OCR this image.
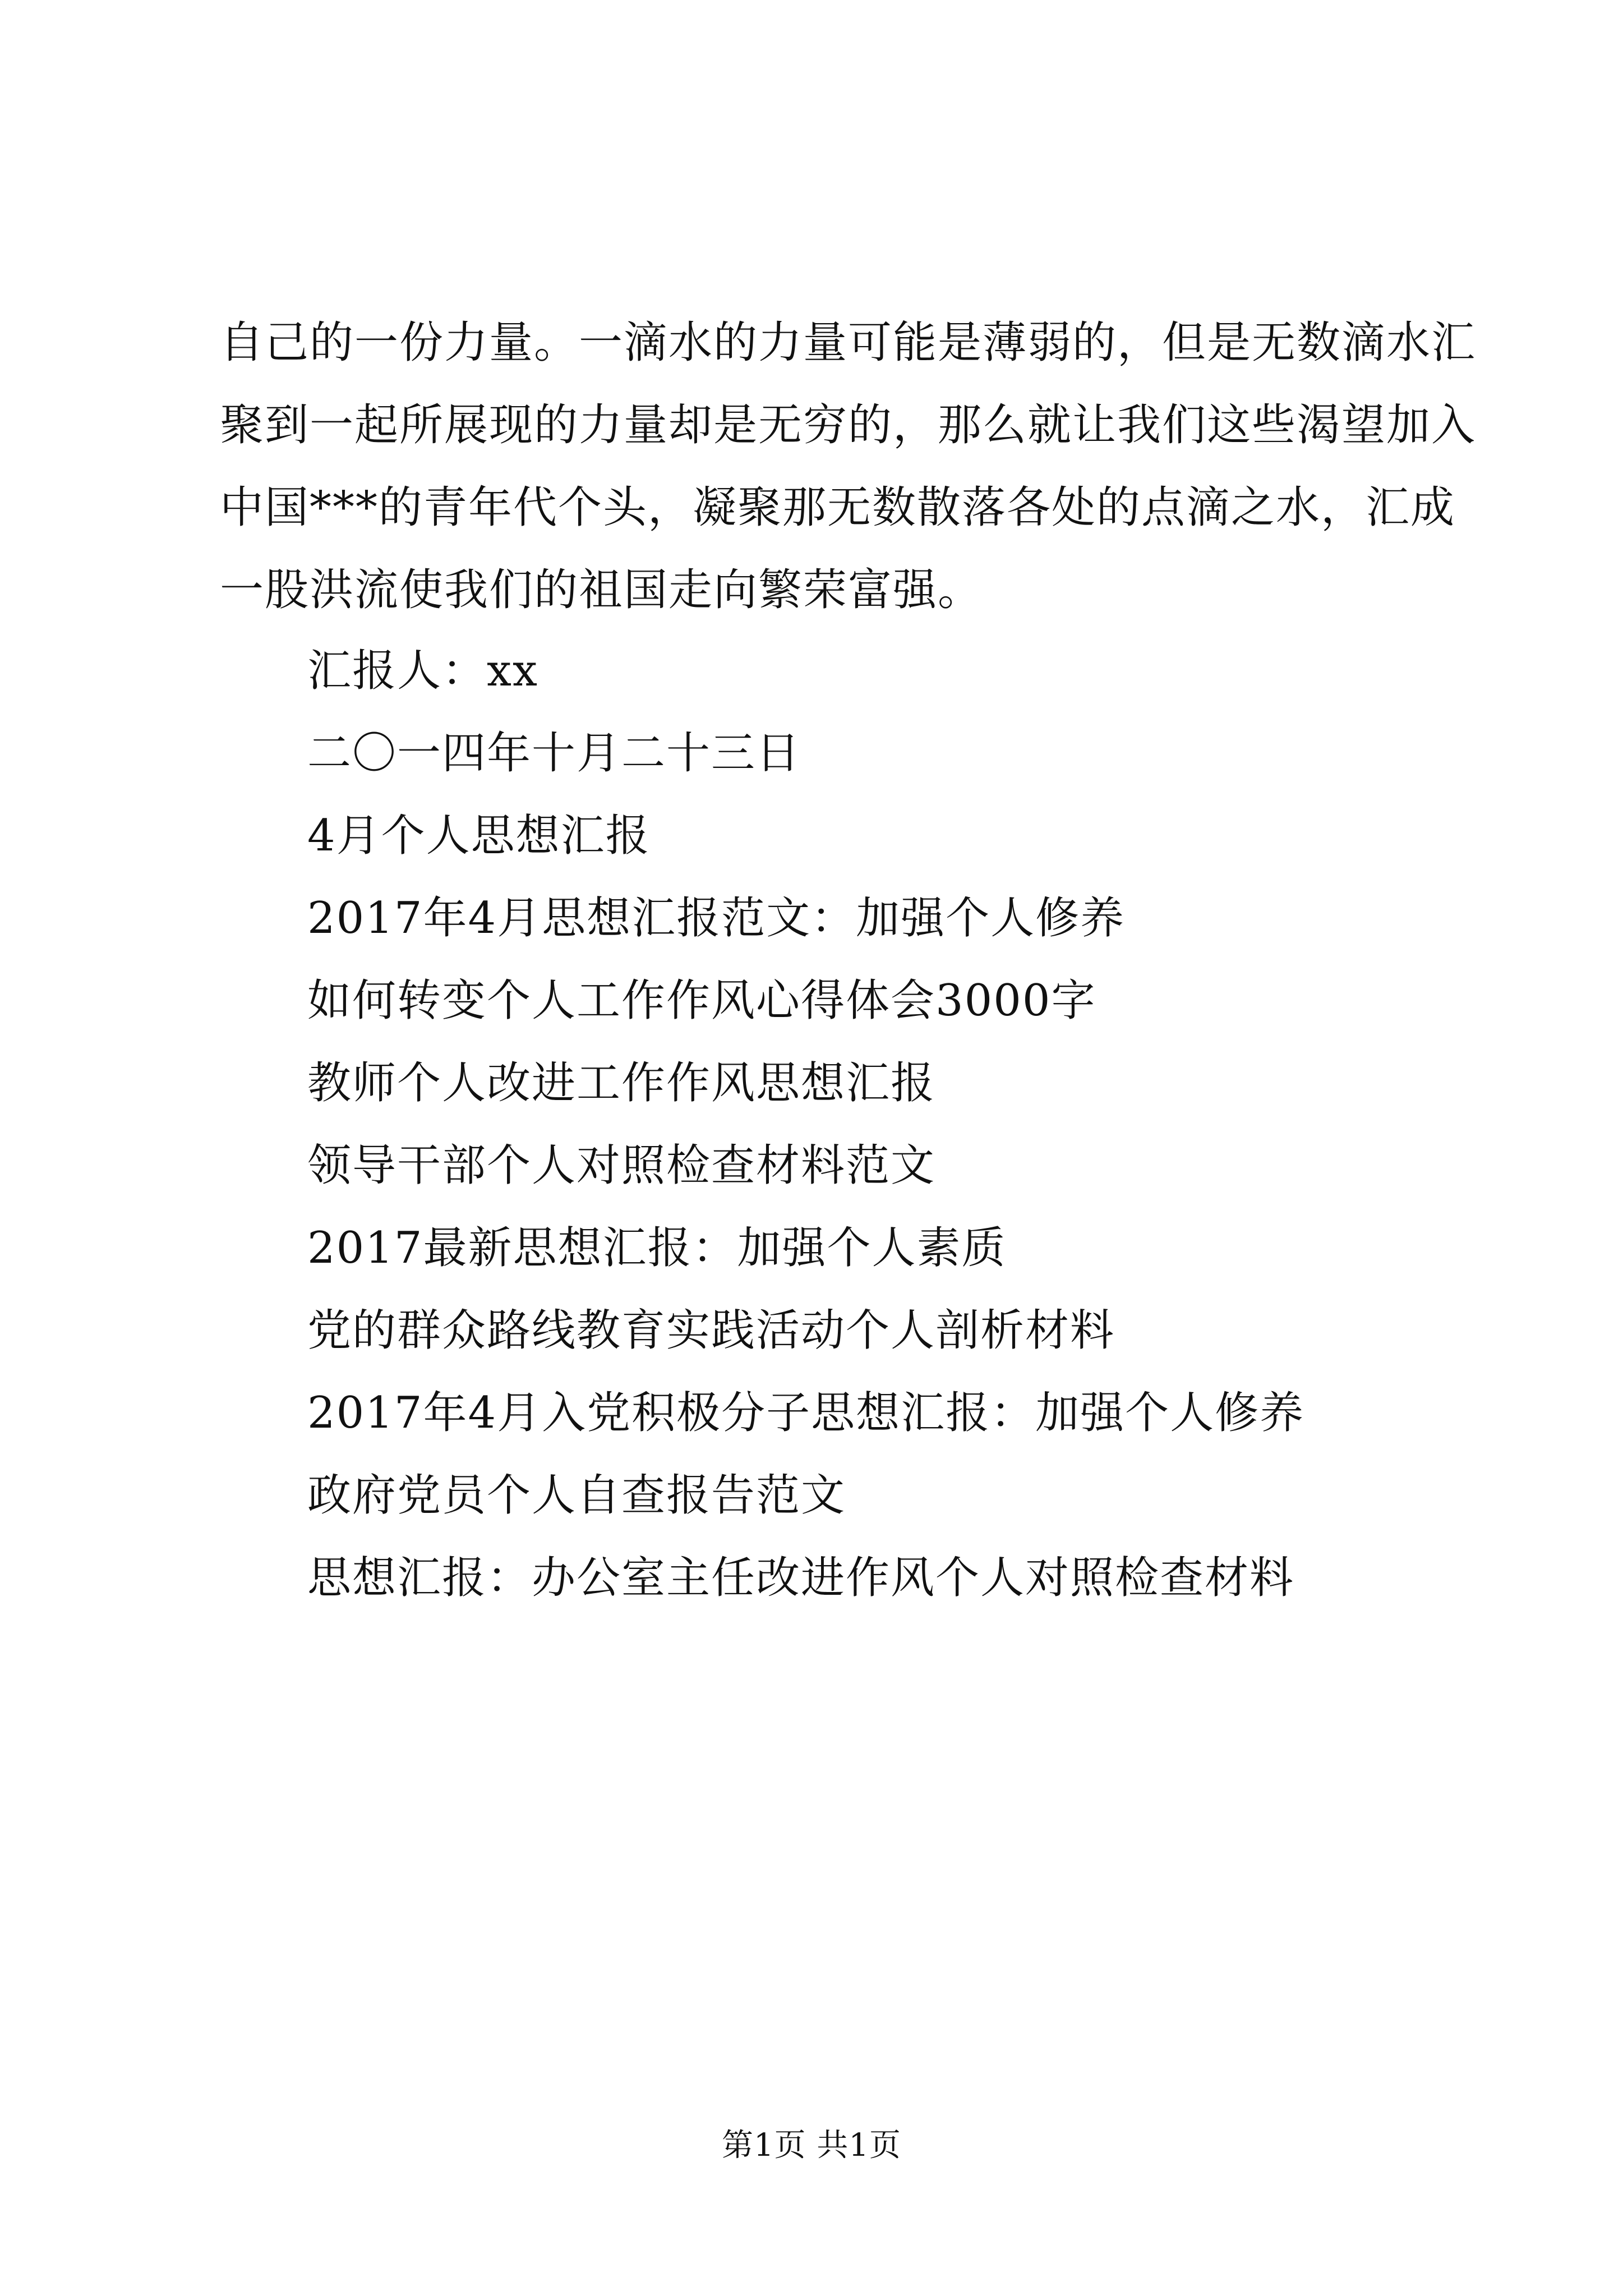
自己的一份力量。一滴水的力量可能是薄弱的，但是无数滴水汇
聚到一起所展现的力量却是无穷的，那么就让我们这些渴望加入
中国***的青年代个头，凝聚那无数散落各处的点滴之水，汇成
一股洪流使我们的祖国走向繁荣富强。
汇报人：xx
二〇一四年十月二十三日
4月个人思想汇报
2017年4月思想汇报范文：加强个人修养
如何转变个人工作作风心得体会3000字
教师个人改进工作作风思想汇报
领导干部个人对照检查材料范文
2017最新思想汇报：加强个人素质
党的群众路线教育实践活动个人剖析材料
2017年4月入党积极分子思想汇报：加强个人修养
政府党员个人自查报告范文
思想汇报：办公室主任改进作风个人对照检查材料
第1页 共1页
